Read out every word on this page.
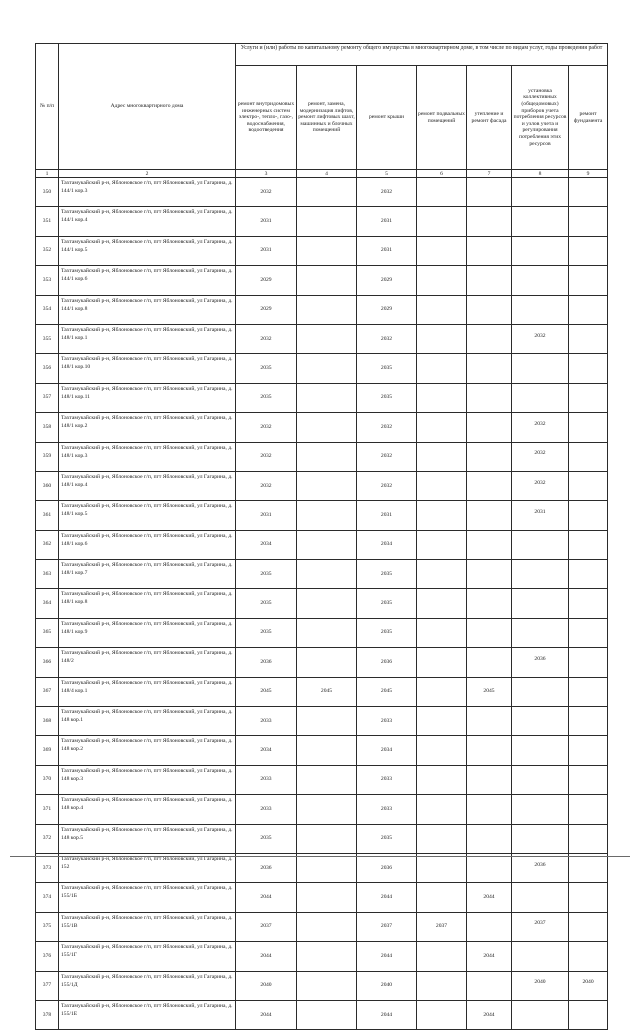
№ п/п	Адрес многоквартирного дома	Услуги и (или) работы по капитальному ремонту общего имущества в многоквартирном доме, в том числе по видам услуг, годы проведения работ						
		ремонт внутридомовых инженерных систем электро-, тепло-, газо-, водоснабжения, водоотведения	ремонт, замена, модернизация лифтов, ремонт лифтовых шахт, машинных и блочных помещений	ремонт крыши	ремонт подвальных помещений	утепление и ремонт фасада	установка коллективных (общедомовых) приборов учета потребления ресурсов и узлов учета и регулирования потребления этих ресурсов	ремонт фундамента
1	2	3	4	5	6	7	8	9
350	Тахтамукайский р-н, Яблоновское г/п, пгт Яблоновский, ул Гагарина, д. 144/1 кор.3	2032		2032				
351	Тахтамукайский р-н, Яблоновское г/п, пгт Яблоновский, ул Гагарина, д. 144/1 кор.4	2031		2031				
352	Тахтамукайский р-н, Яблоновское г/п, пгт Яблоновский, ул Гагарина, д. 144/1 кор.5	2031		2031				
353	Тахтамукайский р-н, Яблоновское г/п, пгт Яблоновский, ул Гагарина, д. 144/1 кор.6	2029		2029				
354	Тахтамукайский р-н, Яблоновское г/п, пгт Яблоновский, ул Гагарина, д. 144/1 кор.8	2029		2029				
355	Тахтамукайский р-н, Яблоновское г/п, пгт Яблоновский, ул Гагарина, д. 148/1 кор.1	2032		2032			2032	
356	Тахтамукайский р-н, Яблоновское г/п, пгт Яблоновский, ул Гагарина, д. 148/1 кор.10	2035		2035				
357	Тахтамукайский р-н, Яблоновское г/п, пгт Яблоновский, ул Гагарина, д. 148/1 кор.11	2035		2035				
358	Тахтамукайский р-н, Яблоновское г/п, пгт Яблоновский, ул Гагарина, д. 148/1 кор.2	2032		2032			2032	
359	Тахтамукайский р-н, Яблоновское г/п, пгт Яблоновский, ул Гагарина, д. 148/1 кор.3	2032		2032			2032	
360	Тахтамукайский р-н, Яблоновское г/п, пгт Яблоновский, ул Гагарина, д. 148/1 кор.4	2032		2032			2032	
361	Тахтамукайский р-н, Яблоновское г/п, пгт Яблоновский, ул Гагарина, д. 148/1 кор.5	2031		2031			2031	
362	Тахтамукайский р-н, Яблоновское г/п, пгт Яблоновский, ул Гагарина, д. 148/1 кор.6	2034		2034				
363	Тахтамукайский р-н, Яблоновское г/п, пгт Яблоновский, ул Гагарина, д. 148/1 кор.7	2035		2035				
364	Тахтамукайский р-н, Яблоновское г/п, пгт Яблоновский, ул Гагарина, д. 148/1 кор.8	2035		2035				
365	Тахтамукайский р-н, Яблоновское г/п, пгт Яблоновский, ул Гагарина, д. 148/1 кор.9	2035		2035				
366	Тахтамукайский р-н, Яблоновское г/п, пгт Яблоновский, ул Гагарина, д. 148/2	2036		2036			2036	
367	Тахтамукайский р-н, Яблоновское г/п, пгт Яблоновский, ул Гагарина, д. 148/4 кор.1	2045	2045	2045		2045		
368	Тахтамукайский р-н, Яблоновское г/п, пгт Яблоновский, ул Гагарина, д. 148 кор.1	2033		2033				
369	Тахтамукайский р-н, Яблоновское г/п, пгт Яблоновский, ул Гагарина, д. 148 кор.2	2034		2034				
370	Тахтамукайский р-н, Яблоновское г/п, пгт Яблоновский, ул Гагарина, д. 148 кор.3	2033		2033				
371	Тахтамукайский р-н, Яблоновское г/п, пгт Яблоновский, ул Гагарина, д. 148 кор.4	2033		2033				
372	Тахтамукайский р-н, Яблоновское г/п, пгт Яблоновский, ул Гагарина, д. 148 кор.5	2035		2035				
373	Тахтамукайский р-н, Яблоновское г/п, пгт Яблоновский, ул Гагарина, д. 152	2036		2036			2036	
374	Тахтамукайский р-н, Яблоновское г/п, пгт Яблоновский, ул Гагарина, д. 155/1Б	2044		2044		2044		
375	Тахтамукайский р-н, Яблоновское г/п, пгт Яблоновский, ул Гагарина, д. 155/1В	2037		2037	2037		2037	
376	Тахтамукайский р-н, Яблоновское г/п, пгт Яблоновский, ул Гагарина, д. 155/1Г	2044		2044		2044		
377	Тахтамукайский р-н, Яблоновское г/п, пгт Яблоновский, ул Гагарина, д. 155/1Д	2040		2040			2040	2040
378	Тахтамукайский р-н, Яблоновское г/п, пгт Яблоновский, ул Гагарина, д. 155/1Е	2044		2044		2044		
